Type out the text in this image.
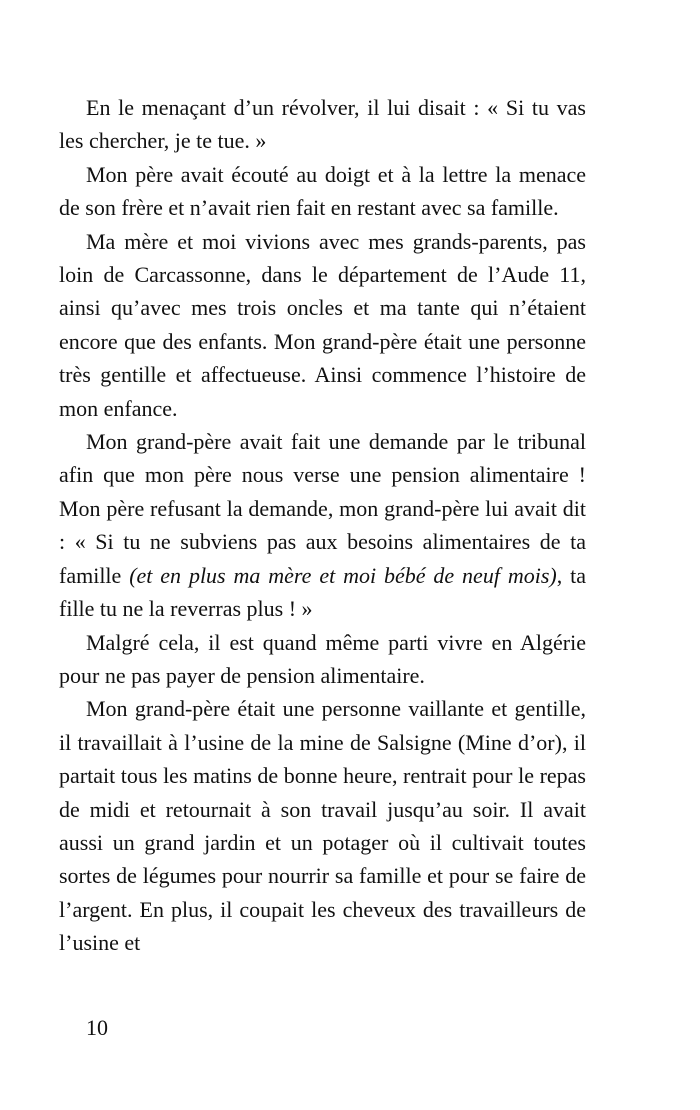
En le menaçant d’un révolver, il lui disait : « Si tu vas les chercher, je te tue. »

Mon père avait écouté au doigt et à la lettre la menace de son frère et n’avait rien fait en restant avec sa famille.

Ma mère et moi vivions avec mes grands-parents, pas loin de Carcassonne, dans le département de l’Aude 11, ainsi qu’avec mes trois oncles et ma tante qui n’étaient encore que des enfants. Mon grand-père était une personne très gentille et affectueuse. Ainsi commence l’histoire de mon enfance.

Mon grand-père avait fait une demande par le tribunal afin que mon père nous verse une pension alimentaire ! Mon père refusant la demande, mon grand-père lui avait dit : « Si tu ne subviens pas aux besoins alimentaires de ta famille (et en plus ma mère et moi bébé de neuf mois), ta fille tu ne la reverras plus ! »

Malgré cela, il est quand même parti vivre en Algérie pour ne pas payer de pension alimentaire.

Mon grand-père était une personne vaillante et gentille, il travaillait à l’usine de la mine de Salsigne (Mine d’or), il partait tous les matins de bonne heure, rentrait pour le repas de midi et retournait à son travail jusqu’au soir. Il avait aussi un grand jardin et un potager où il cultivait toutes sortes de légumes pour nourrir sa famille et pour se faire de l’argent. En plus, il coupait les cheveux des travailleurs de l’usine et

10
